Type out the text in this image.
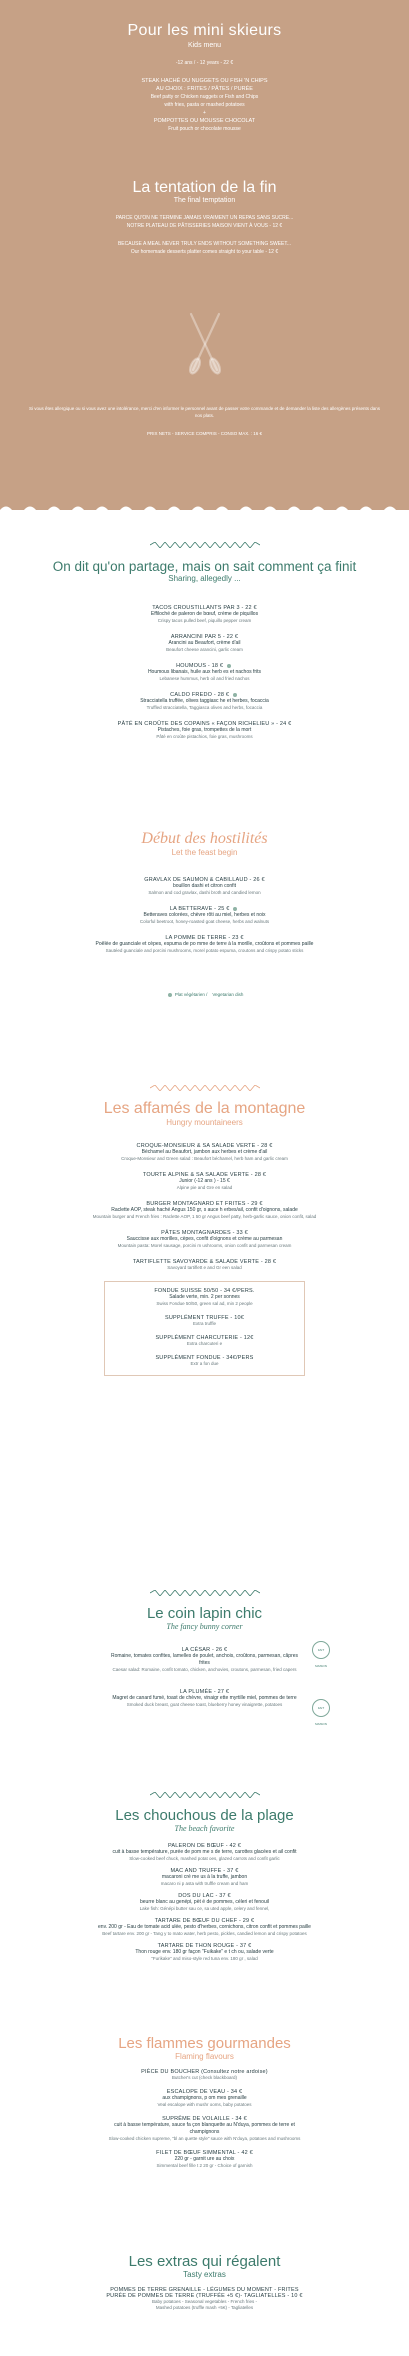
Pour les mini skieurs
Kids menu
-12 ans / - 12 years - 22 €
STEAK HACHÉ OU NUGGETS OU FISH 'N CHIPS
AU CHOIX : FRITES / PÂTES / PURÉE
Beef patty or Chicken nuggets or Fish and Chips
with fries, pasta or mashed potatoes
+
POMPOTTES OU MOUSSE CHOCOLAT
Fruit pouch or chocolate mousse
La tentation de la fin
The final temptation
PARCE QU'ON NE TERMINE JAMAIS VRAIMENT UN REPAS SANS SUCRE...
NOTRE PLATEAU DE PÂTISSERIES MAISON VIENT À VOUS - 12 €
BECAUSE A MEAL NEVER TRULY ENDS WITHOUT SOMETHING SWEET...
Our homemade desserts platter comes straight to your table - 12 €
Si vous êtes allergique ou si vous avez une intolérance, merci d'en informer le personnel avant de passer votre commande et de demander la liste des allergènes présents dans nos plats.
PRIX NETS - SERVICE COMPRIS - CONSO MAX. : 16 €
On dit qu'on partage, mais on sait comment ça finit
Sharing, allegedly ...
TACOS CROUSTILLANTS PAR 3 - 22 €
Effiloché de paleron de bœuf, crème de piquillos
Crispy tacos pulled beef, piquillo pepper cream
ARRANCINI PAR 5 - 22 €
Arancini au Beaufort, crème d'ail
Beaufort cheese arancini, garlic cream
HOUMOUS - 18 €
Houmous libanais, huile aux herb es et nachos frits
Lebanese hummus, herb oil and fried nachos
CALDO FREDO - 28 €
Stracciatella truffée, olives taggiasc he et herbes, focaccia
Truffled stracciatella, Taggiasca olives and herbs, focaccia
PÂTÉ EN CROÛTE DES COPAINS « FAÇON RICHELIEU » - 24 €
Pistaches, foie gras, trompettes de la mort
Pâté en croûte pistachios, foie gras, mushrooms
Début des hostilités
Let the feast begin
GRAVLAX DE SAUMON & CABILLAUD - 26 €
bouillon dashi et citron confit
Salmon and cod gravlax, dashi broth and candied lemon
LA BETTERAVE - 25 €
Betteraves colorées, chèvre rôti au miel, herbes et noix
Colorful beetroot, honey-roasted goat cheese, herbs and walnuts
LA POMME DE TERRE - 23 €
Poêlée de guanciale et cèpes, espuma de po mme de terre à la morille, croûtons et pommes paille
Sautéed guanciale and porcini mushrooms, morel potato espuma, croutons and crispy potato sticks
Plat végétarien / Vegetarian dish
Les affamés de la montagne
Hungry mountaineers
CROQUE-MONSIEUR & SA SALADE VERTE - 28 €
Béchamel au Beaufort, jambon aux herbes et crème d'ail
Croque-Monsieur and Green salad : Beaufort béchamel, herb ham and garlic cream
TOURTE ALPINE & SA SALADE VERTE - 28 €
Junior (-12 ans ) - 15 €
Alpine pie and Gre en salad
BURGER MONTAGNARD ET FRITES - 29 €
Raclette AOP, steak haché Angus 150 gr, s auce h erbes/ail, confit d'oignons, salade
Mountain burger and French fries : Raclette AOP, 1 50 gr Angus beef patty, herb-garlic sauce, onion confit, salad
PÂTES MONTAGNARDES - 33 €
Sauccisse aux morilles, cèpes, confit d'oignons et crème au parmesan
Mountain pasta: Morel sausage, porcini m ushrooms, onion confit and parmesan cream
TARTIFLETTE SAVOYARDE & SALADE VERTE - 28 €
Savoyard tartiflett e and Gr een salad
FONDUE SUISSE 50/50 - 34 €/PERS.
Salade verte, min. 2 per sonnes
Swiss Fondue 50/50, green sal ad, min 2 people
SUPPLÉMENT TRUFFE - 10€
Extra truffle
SUPPLÉMENT CHARCUTERIE - 12€
Extra charcuteri e
SUPPLÉMENT FONDUE - 34€/PERS
Extr a fon due
Le coin lapin chic
The fancy bunny corner
LA CÉSAR - 26 €
Romaine, tomates confites, lamelles de poulet, anchois, croûtons, parmesan, câpres frites
Caesar salad: Romaine, confit tomato, chicken, anchovies, croutons, parmesan, fried capers
LA PLUMÉE - 27 €
Magret de canard fumé, toast de chèvre, vinaigr ette myrtille miel, pommes de terre
Smoked duck breast, goat cheese toast, blueberry honey vinaigrette, potatoes
FAIT MAISON
FAIT MAISON
Les chouchous de la plage
The beach favorite
PALERON DE BŒUF - 42 €
cuit à basse température, purée de pom me s de terre, carottes glacées et ail confit
Slow-cooked beef chuck, mashed potat oes, glazed carrots and confit garlic
MAC AND TRUFFE - 37 €
macaroni cré me us à la truffe, jambon
macaro ni p asta with truffle cream and ham
DOS DU LAC - 37 €
beurre blanc au genépi, pèt é de pommes, céleri et fenouil
Lake fish: Génépi butter sau ce, sa uted apple, celery and fennel,
TARTARE DE BŒUF DU CHEF - 29 €
env. 200 gr - Eau de tomate acid ulée, pesto d'herbes, cornichons, citron confit et pommes paille
Beef tartare env. 200 gr - Tang y to mato water, herb pesto, pickles, candied lemon and crispy potatoes
TARTARE DE THON ROUGE - 37 €
Thon rouge env. 180 gr façon "Fuikake" e t ch ou, salade verte
"Furikake" and miso-style red tuna env. 180 gr , salad
Les flammes gourmandes
Flaming flavours
PIÈCE DU BOUCHER (Consultez notre ardoise)
Butcher's cut (check blackboard)
ESCALOPE DE VEAU - 34 €
aux champignons, p om mes grenaille
Veal escalope with mushr ooms, baby potatoes
SUPRÊME DE VOLAILLE - 34 €
cuit à basse température, sauce fa çon blanquette au N'duya, pommes de terre et champignons
Slow-cooked chicken supreme, "bl an quette style" sauce with N'duya, potatoes and mushrooms
FILET DE BŒUF SIMMENTAL - 42 €
220 gr - garnit ure au choix
Simmental beef fille t 2 20 gr - Choice of garnish
Les extras qui régalent
Tasty extras
POMMES DE TERRE GRENAILLE - LÉGUMES DU MOMENT - FRITES
PURÉE DE POMMES DE TERRE (TRUFFÉE +5 €)- TAGLIATELLES - 10 €
Baby potatoes - Seasonal vegetables - French fries -
Mashed potatoes (truffle mash +5€) - Tagliatelles
